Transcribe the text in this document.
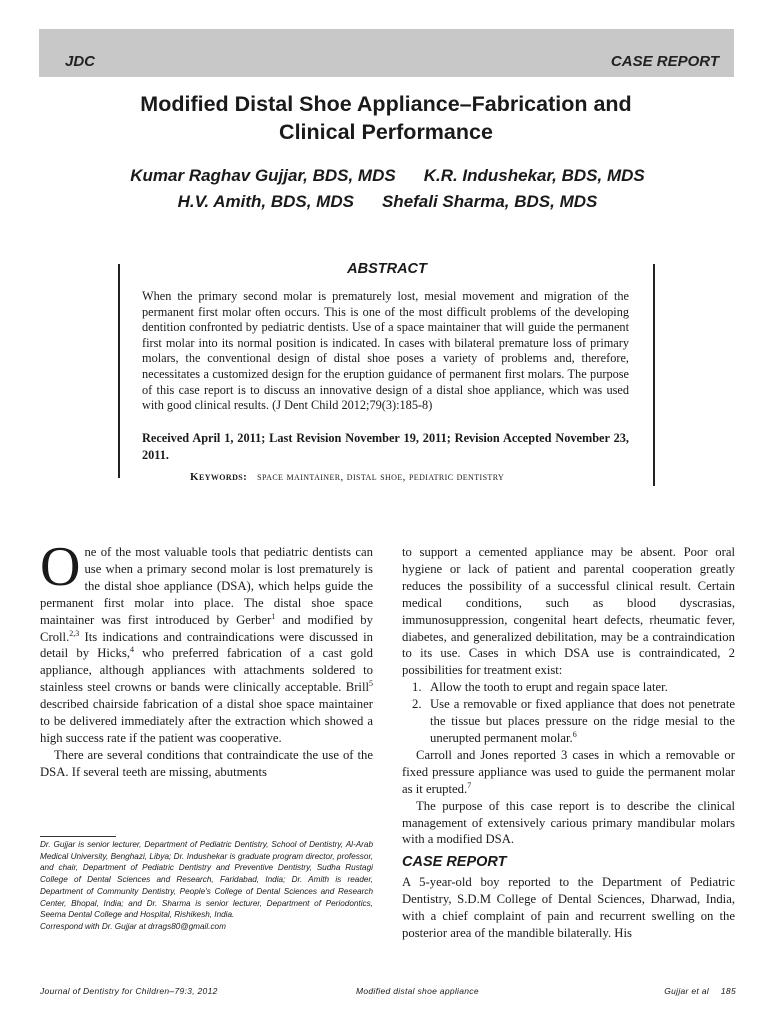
JDC	CASE REPORT
Modified Distal Shoe Appliance–Fabrication and
Clinical Performance
Kumar Raghav Gujjar, BDS, MDS K.R. Indushekar, BDS, MDS
H.V. Amith, BDS, MDS Shefali Sharma, BDS, MDS
ABSTRACT
When the primary second molar is prematurely lost, mesial movement and migration of the permanent first molar often occurs. This is one of the most difficult problems of the developing dentition confronted by pediatric dentists. Use of a space maintainer that will guide the permanent first molar into its normal position is indicated. In cases with bilateral premature loss of primary molars, the conventional design of distal shoe poses a variety of problems and, therefore, necessitates a customized design for the eruption guidance of permanent first molars. The purpose of this case report is to discuss an innovative design of a distal shoe appliance, which was used with good clinical results. (J Dent Child 2012;79(3):185-8)
Received April 1, 2011; Last Revision November 19, 2011; Revision Accepted November 23, 2011.
Keywords: space maintainer, distal shoe, pediatric dentistry

One of the most valuable tools that pediatric dentists can use when a primary second molar is lost prematurely is the distal shoe appliance (DSA), which helps guide the permanent first molar into place. The distal shoe space maintainer was first introduced by Gerber$^1$ and modified by Croll.$^{2,3}$ Its indications and contraindications were discussed in detail by Hicks,$^4$ who preferred fabrication of a cast gold appliance, although appliances with attachments soldered to stainless steel crowns or bands were clinically acceptable. Brill$^5$ described chairside fabrication of a distal shoe space maintainer to be delivered immediately after the extraction which showed a high success rate if the patient was cooperative.

There are several conditions that contraindicate the use of the DSA. If several teeth are missing, abutments

Dr. Gujjar is senior lecturer, Department of Pediatric Dentistry, School of Dentistry, Al-Arab Medical University, Benghazi, Libya; Dr. Indushekar is graduate program director, professor, and chair, Department of Pediatric Dentistry and Preventive Dentistry, Sudha Rustagi College of Dental Sciences and Research, Faridabad, India; Dr. Amith is reader, Department of Community Dentistry, People's College of Dental Sciences and Research Center, Bhopal, India; and Dr. Sharma is senior lecturer, Department of Periodontics, Seema Dental College and Hospital, Rishikesh, India.

Correspond with Dr. Gujjar at drrags80@gmail.com

to support a cemented appliance may be absent. Poor oral hygiene or lack of patient and parental cooperation greatly reduces the possibility of a successful clinical result. Certain medical conditions, such as blood dyscrasias, immunosuppression, congenital heart defects, rheumatic fever, diabetes, and generalized debilitation, may be a contraindication to its use. Cases in which DSA use is contraindicated, 2 possibilities for treatment exist:

1. Allow the tooth to erupt and regain space later.
2. Use a removable or fixed appliance that does not penetrate the tissue but places pressure on the ridge mesial to the unerupted permanent molar.$^6$

Carroll and Jones reported 3 cases in which a removable or fixed pressure appliance was used to guide the permanent molar as it erupted.$^7$

The purpose of this case report is to describe the clinical management of extensively carious primary mandibular molars with a modified DSA.

CASE REPORT

A 5-year-old boy reported to the Department of Pediatric Dentistry, S.D.M College of Dental Sciences, Dharwad, India, with a chief complaint of pain and recurrent swelling on the posterior area of the mandible bilaterally. His

Journal of Dentistry for Children–79:3, 2012	Modified distal shoe appliance	Gujjar et al 185
